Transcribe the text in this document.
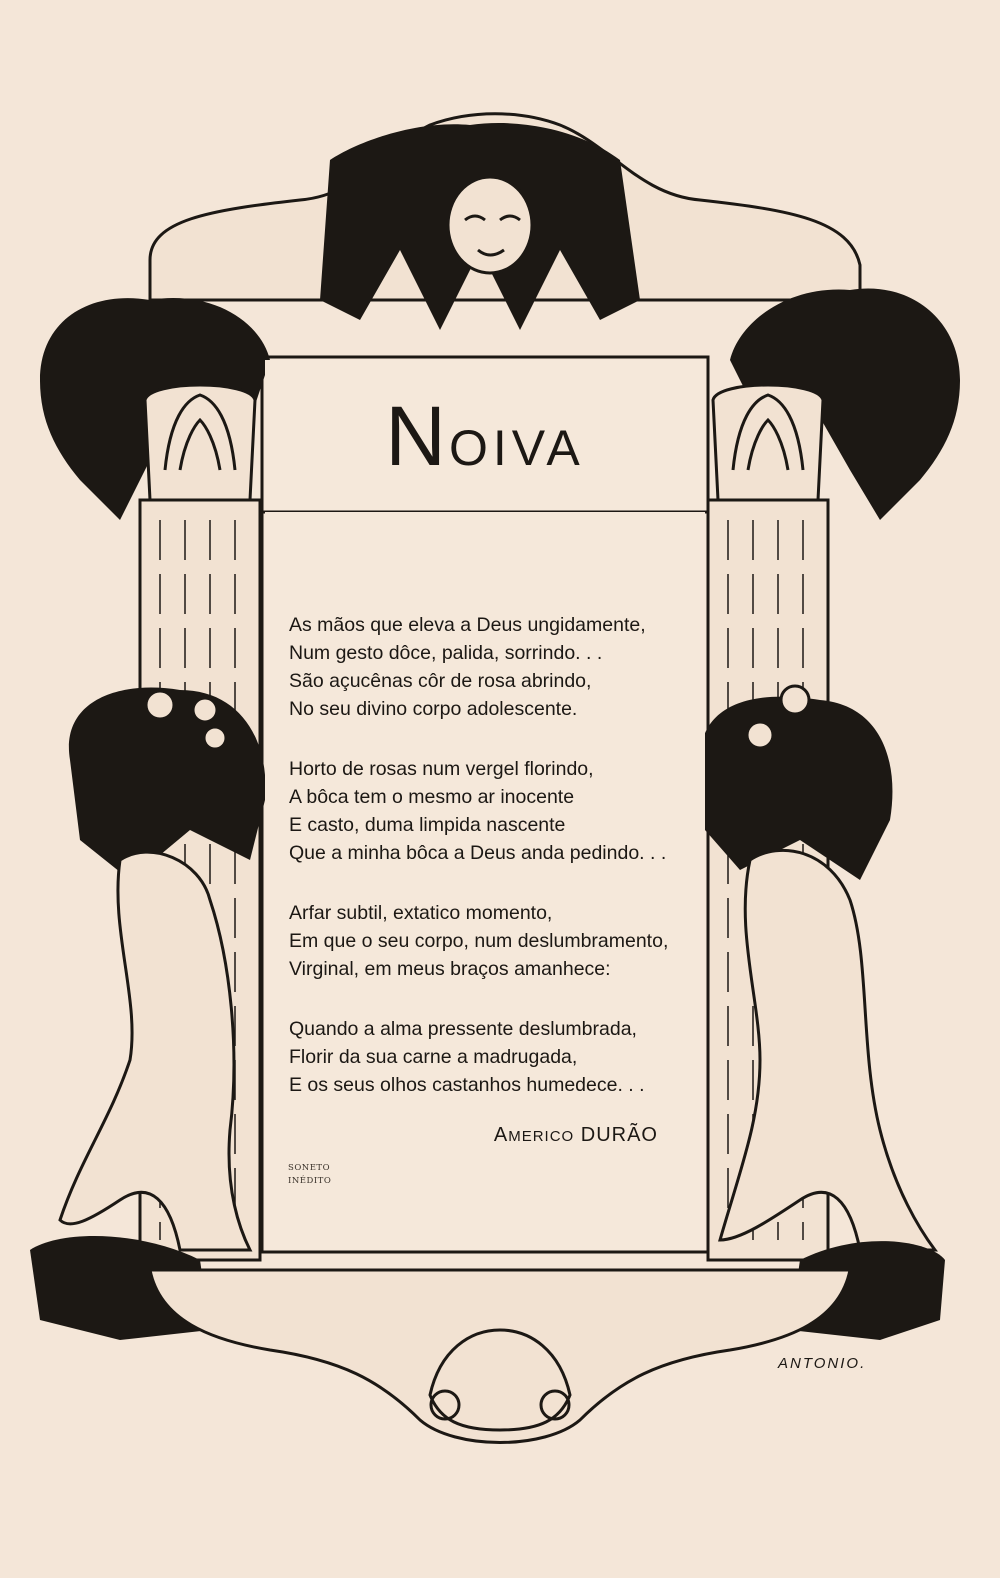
NOIVA
As mãos que eleva a Deus ungidamente,
Num gesto dôce, palida, sorrindo. . .
São açucênas côr de rosa abrindo,
No seu divino corpo adolescente.
Horto de rosas num vergel florindo,
A bôca tem o mesmo ar inocente
E casto, duma limpida nascente
Que a minha bôca a Deus anda pedindo. . .
Arfar subtil, extatico momento,
Em que o seu corpo, num deslumbramento,
Virginal, em meus braços amanhece:
Quando a alma pressente deslumbrada,
Florir da sua carne a madrugada,
E os seus olhos castanhos humedece. . .
AMERICO DURÃO
SONETO
INÉDITO
ANTONIO.
